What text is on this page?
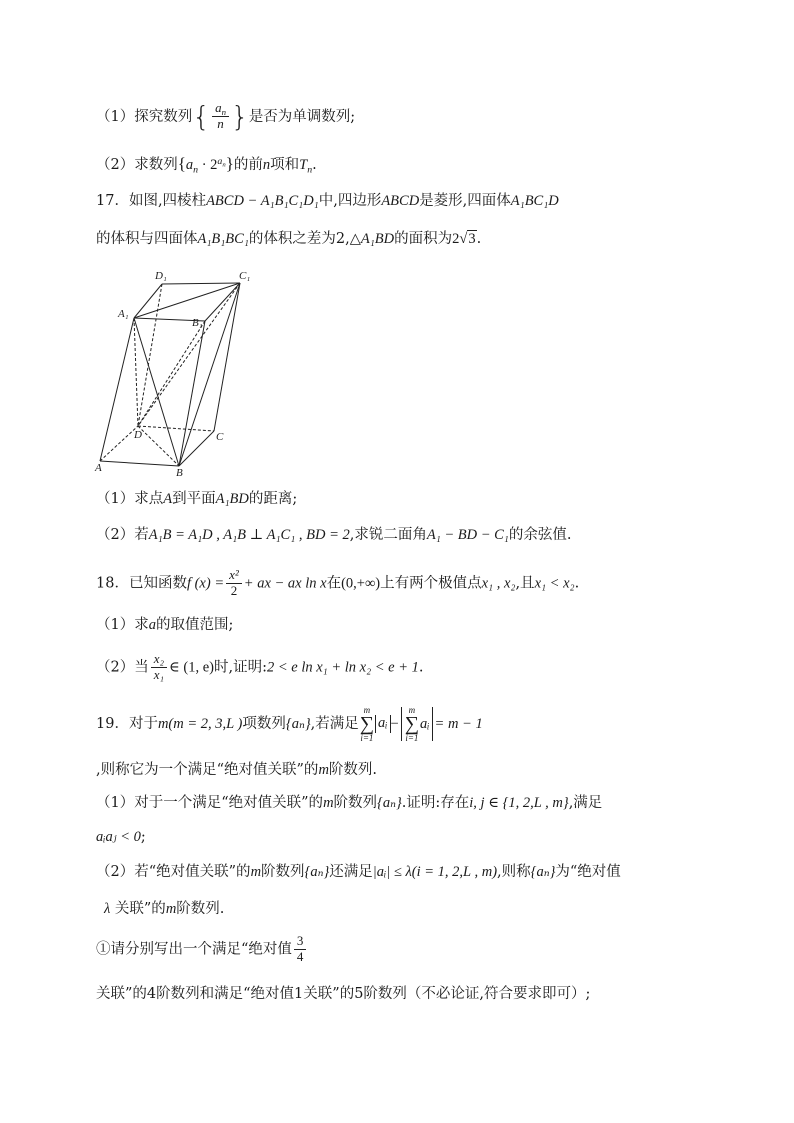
（1）探究数列{ $\frac{a_n}{n}$ }是否为单调数列;
（2）求数列$\{a_n \cdot 2^{a_n}\}$的前n项和$T_n$.
17．如图,四棱柱ABCD − A₁B₁C₁D₁中,四边形ABCD是菱形,四面体A₁BC₁D
的体积与四面体A₁B₁BC₁的体积之差为2,△A₁BD的面积为2√3.
D₁	C₁
A₁
B₁
D	C
A	B
（1）求点A到平面A₁BD的距离;
（2）若A₁B = A₁D , A₁B ⊥ A₁C₁ , BD = 2,求锐二面角A₁ − BD − C₁的余弦值.
18．已知函数f $(x) = \frac{\text{x²}}{2}$ + ax − ax ln x在(0,+∞)上有两个极值点x₁ , x₂,且x₁ < x₂.
（1）求a的取值范围;
（2）当 $\frac{\text{x₂}}{\text{x₁}}$ ∈ (1, e)时,证明:2 < e ln x₁ + ln x₂ < e + 1.
19．对于m(m = 2, 3,L )项数列{aₙ},若满足
m
∑
i=1
aᵢ −
m
∑
i=1
aᵢ = m − 1
,则称它为一个满足“绝对值关联”的m阶数列.
（1）对于一个满足“绝对值关联”的m阶数列{aₙ}.证明:存在i, j ∈ {1, 2,L , m},满足
aᵢaⱼ < 0;
（2）若“绝对值关联”的m阶数列{aₙ}还满足|aᵢ| ≤ λ(i = 1, 2,L , m),则称{aₙ}为“绝对值
λ 关联”的m阶数列.
①请分别写出一个满足“绝对值 $\frac{3}{4}$
关联”的4阶数列和满足“绝对值1关联”的5阶数列（不必论证,符合要求即可）;
